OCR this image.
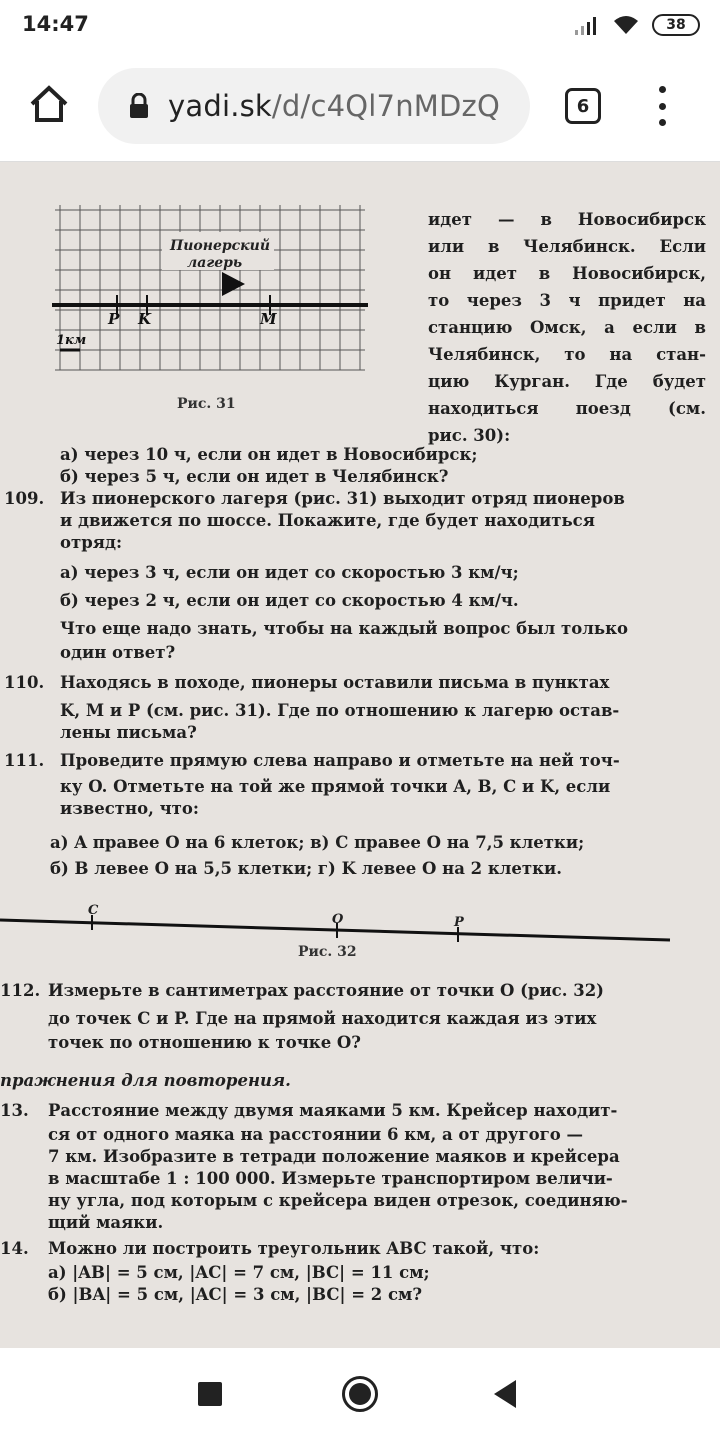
14:47	38
yadi.sk/d/c4Ql7nMDzQ	6
Пионерский
лагерь
P K	M
1км
Рис. 31
идет — в Новосибирск
или в Челябинск. Если
он идет в Новосибирск,
то через 3 ч придет на
станцию Омск, а если в
Челябинск, то на стан-
цию Курган. Где будет
находиться поезд (см.
рис. 30):
а) через 10 ч, если он идет в Новосибирск;
б) через 5 ч, если он идет в Челябинск?
109. Из пионерского лагеря (рис. 31) выходит отряд пионеров
и движется по шоссе. Покажите, где будет находиться
отряд:
а) через 3 ч, если он идет со скоростью 3 км/ч;
б) через 2 ч, если он идет со скоростью 4 км/ч.
Что еще надо знать, чтобы на каждый вопрос был только
один ответ?
110. Находясь в походе, пионеры оставили письма в пунктах
K, M и P (см. рис. 31). Где по отношению к лагерю остав-
лены письма?
111. Проведите прямую слева направо и отметьте на ней точ-
ку O. Отметьте на той же прямой точки A, B, C и K, если
известно, что:
а) A правее O на 6 клеток; в) C правее O на 7,5 клетки;
б) B левее O на 5,5 клетки; г) K левее O на 2 клетки.
C
O	P
Рис. 32
112. Измерьте в сантиметрах расстояние от точки O (рис. 32)
до точек C и P. Где на прямой находится каждая из этих
точек по отношению к точке O?
пражнения для повторения.
13. Расстояние между двумя маяками 5 км. Крейсер находит-
ся от одного маяка на расстоянии 6 км, а от другого —
7 км. Изобразите в тетради положение маяков и крейсера
в масштабе 1 : 100 000. Измерьте транспортиром величи-
ну угла, под которым с крейсера виден отрезок, соединяю-
щий маяки.
14. Можно ли построить треугольник ABC такой, что:
а) |AB| = 5 см, |AC| = 7 см, |BC| = 11 см;
б) |BA| = 5 см, |AC| = 3 см, |BC| = 2 см?
